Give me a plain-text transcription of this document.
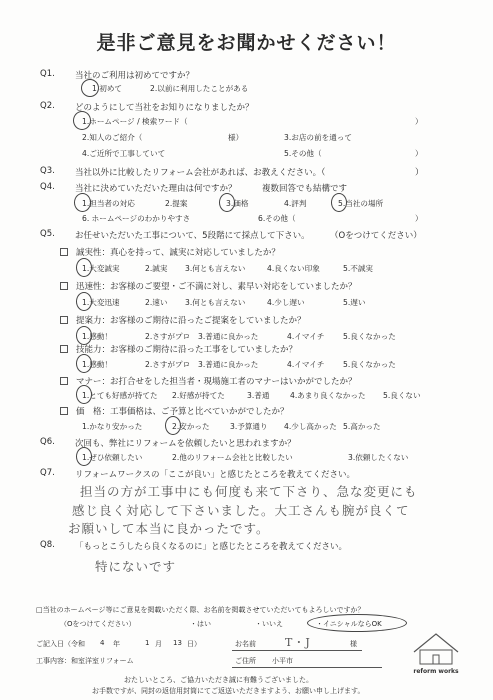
是非ご意見をお聞かせください！
Q1. 当社のご利用は初めてですか？
1.初めて	2.以前に利用したことがある
Q2. どのようにして当社をお知りになりましたか？
1.ホームページ / 検索ワード（	）
2.知人のご紹介（	様）	3.お店の前を通って
4.ご近所で工事していて	5.その他（	）
Q3. 当社以外に比較したリフォーム会社があれば、お教えください。（	）
Q4. 当社に決めていただいた理由は何ですか？	複数回答でも結構です
1.担当者の対応	2.提案	3.価格	4.評判	5.当社の場所
6. ホームページのわかりやすさ	6.その他（	）
Q5. お任せいただいた工事について、5段階にて採点して下さい。 （Oをつけてください）
誠実性：真心を持って、誠実に対応していましたか？
1.大変誠実	2.誠実 3.何とも言えない	4.良くない印象	5.不誠実
迅速性：お客様のご要望・ご不満に対し、素早い対応をしていましたか？
1.大変迅速	2.速い 3.何とも言えない	4.少し遅い	5.遅い
提案力：お客様のご期待に沿ったご提案をしていましたか？
1.感動！	2.さすがプロ 3.普通に良かった	4.イマイチ 5.良くなかった
技能力：お客様のご期待に沿った工事をしていましたか？
1.感動！	2.さすがプロ 3.普通に良かった	4.イマイチ 5.良くなかった
マナー：お打合せをした担当者・現場施工者のマナーはいかがでしたか？
1.とても好感が持てた 2.好感が持てた	3.普通	4.あまり良くなかった 5.良くない
価　格：工事価格は、ご予算と比べていかがでしたか？
1.かなり安かった	2.安かった	3.予算通り 4.少し高かった 5.高かった
Q6. 次回も、弊社にリフォームを依頼したいと思われますか？
1.ぜひ依頼したい	2.他のリフォーム会社と比較したい	3.依頼したくない
Q7. リフォームワークスの「ここが良い」と感じたところを教えてください。
担当の方が工事中にも何度も来て下さり、急な変更にも
感じ良く対応して下さいました。大工さんも腕が良くて
お願いして本当に良かったです。
Q8. 「もっとこうしたら良くなるのに」と感じたところを教えてください。
特にないです
□当社のホームページ等にご意見を掲載いただく際、お名前を掲載させていただいてもよろしいですか？
（Oをつけてください）	・はい	・いいえ	・イニシャルならOK
ご記入日（令和 4 年	1 月 13 日）	お名前	T・J	様
工事内容：和室洋室リフォーム	ご住所 小平市
おたしいところ、ご協力いただき誠に有難うございました。
お手数ですが、同封の返信用封筒にてご返送いただきますよう、お願い申し上げます。
reform works
